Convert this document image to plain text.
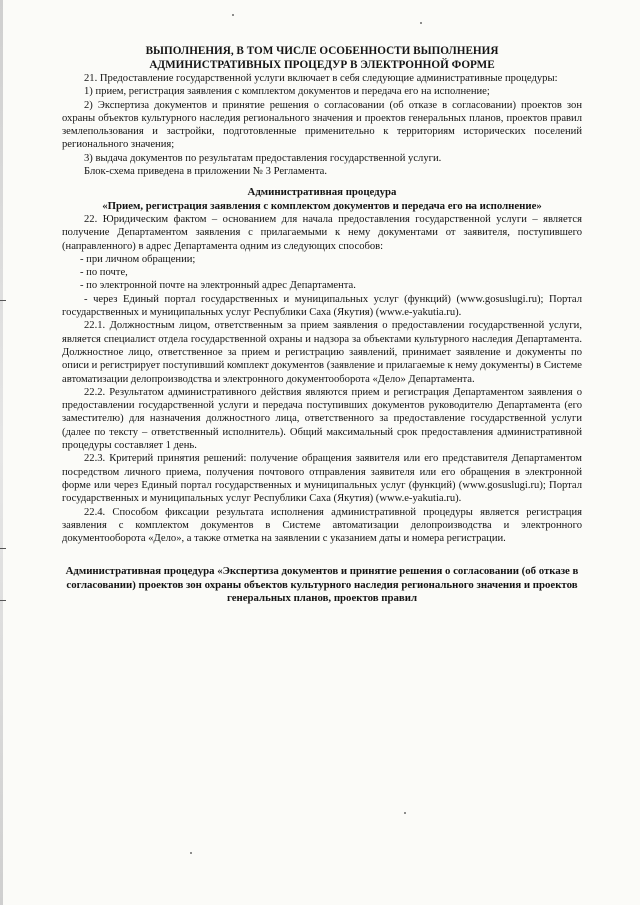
ВЫПОЛНЕНИЯ, В ТОМ ЧИСЛЕ ОСОБЕННОСТИ ВЫПОЛНЕНИЯ

АДМИНИСТРАТИВНЫХ ПРОЦЕДУР В ЭЛЕКТРОННОЙ ФОРМЕ

21. Предоставление государственной услуги включает в себя следующие административные процедуры:

1) прием, регистрация заявления с комплектом документов и передача его на исполнение;

2) Экспертиза документов и принятие решения о согласовании (об отказе в согласовании) проектов зон охраны объектов культурного наследия регионального значения и проектов генеральных планов, проектов правил землепользования и застройки, подготовленные применительно к территориям исторических поселений регионального значения;

3) выдача документов по результатам предоставления государственной услуги.

Блок-схема приведена в приложении № 3 Регламента.

Административная процедура

«Прием, регистрация заявления с комплектом документов и передача его на исполнение»

22. Юридическим фактом – основанием для начала предоставления государственной услуги – является получение Департаментом заявления с прилагаемыми к нему документами от заявителя, поступившего (направленного) в адрес Департамента одним из следующих способов:

- при личном обращении;

- по почте,

- по электронной почте на электронный адрес Департамента.

- через Единый портал государственных и муниципальных услуг (функций) (www.gosuslugi.ru); Портал государственных и муниципальных услуг Республики Саха (Якутия) (www.e-yakutia.ru).

22.1. Должностным лицом, ответственным за прием заявления о предоставлении государственной услуги, является специалист отдела государственной охраны и надзора за объектами культурного наследия Департамента. Должностное лицо, ответственное за прием и регистрацию заявлений, принимает заявление и документы по описи и регистрирует поступивший комплект документов (заявление и прилагаемые к нему документы) в Системе автоматизации делопроизводства и электронного документооборота «Дело» Департамента.

22.2. Результатом административного действия являются прием и регистрация Департаментом заявления о предоставлении государственной услуги и передача поступивших документов руководителю Департамента (его заместителю) для назначения должностного лица, ответственного за предоставление государственной услуги (далее по тексту – ответственный исполнитель). Общий максимальный срок предоставления административной процедуры составляет 1 день.

22.3. Критерий принятия решений: получение обращения заявителя или его представителя Департаментом посредством личного приема, получения почтового отправления заявителя или его обращения в электронной форме или через Единый портал государственных и муниципальных услуг (функций) (www.gosuslugi.ru); Портал государственных и муниципальных услуг Республики Саха (Якутия) (www.e-yakutia.ru).

22.4. Способом фиксации результата исполнения административной процедуры является регистрация заявления с комплектом документов в Системе автоматизации делопроизводства и электронного документооборота «Дело», а также отметка на заявлении с указанием даты и номера регистрации.

Административная процедура «Экспертиза документов и принятие решения о согласовании (об отказе в согласовании) проектов зон охраны объектов культурного наследия регионального значения и проектов генеральных планов, проектов правил
